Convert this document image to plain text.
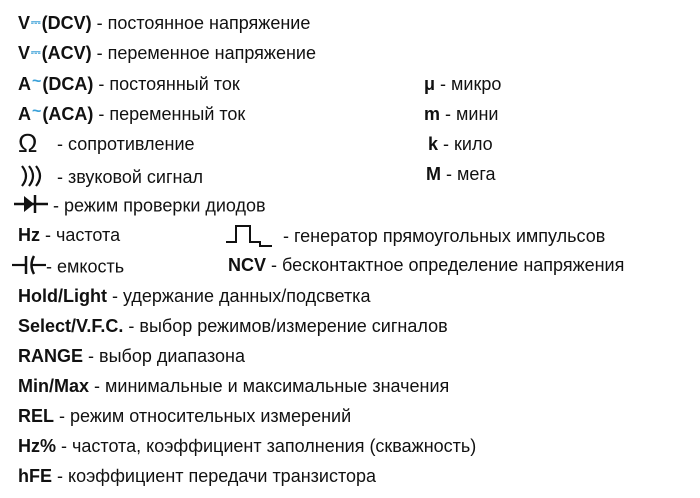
V⎓(DCV) - постоянное напряжение
V⎓(ACV) - переменное напряжение
A~(DCA) - постоянный ток
A~(ACA) - переменный ток
Ω - сопротивление
- звуковой сигнал
- режим проверки диодов
Hz - частота
- емкость
Hold/Light - удержание данных/подсветка
Select/V.F.C. - выбор режимов/измерение сигналов
RANGE - выбор диапазона
Min/Max - минимальные и максимальные значения
REL - режим относительных измерений
Hz% - частота, коэффициент заполнения (скважность)
hFE - коэффициент передачи транзистора
μ - микро
m - мини
k - кило
M - мега
- генератор прямоугольных импульсов
NCV - бесконтактное определение напряжения
